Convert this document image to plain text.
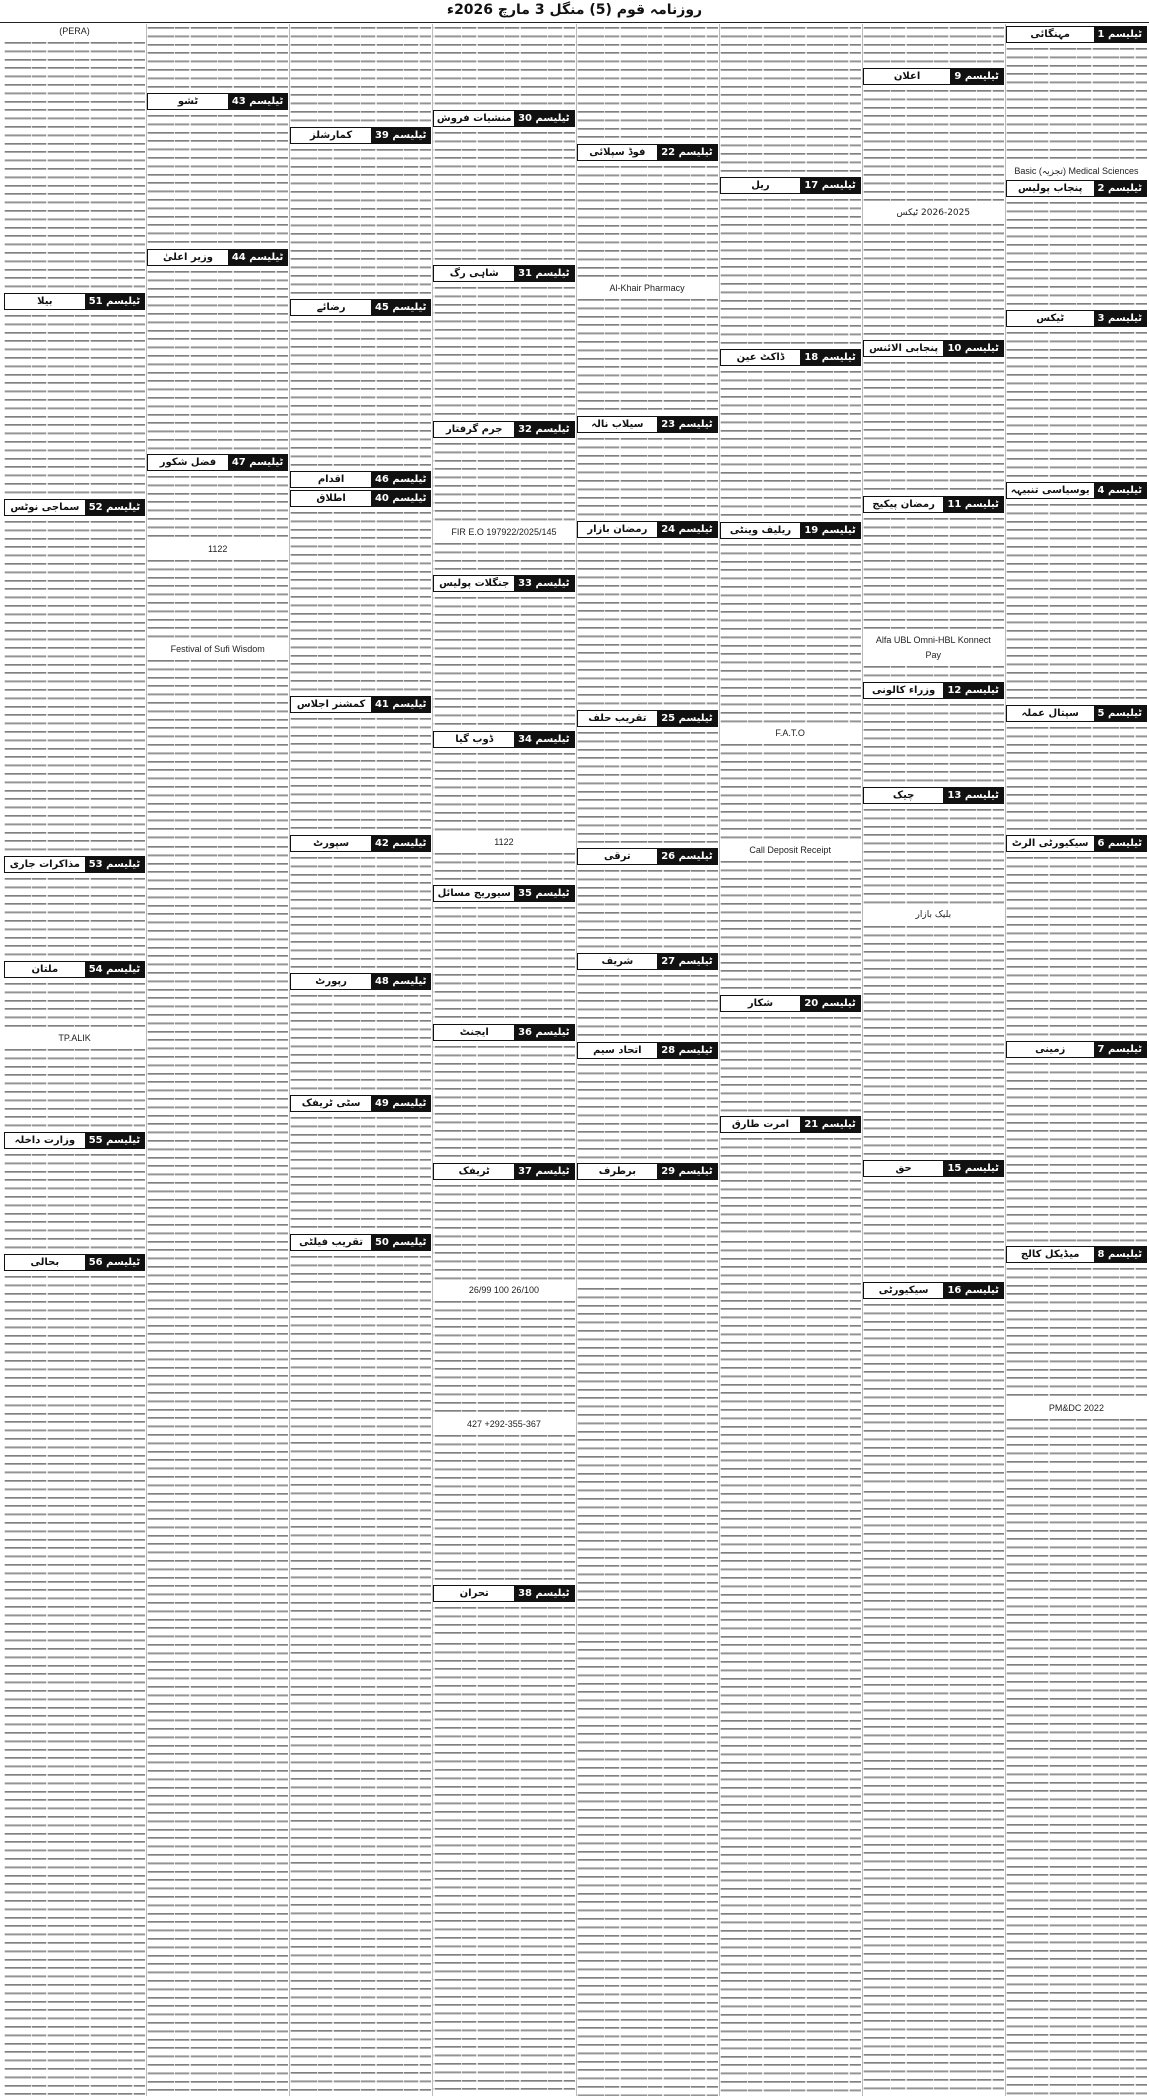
روزنامہ قوم (5) منگل 3 مارچ 2026ء
ٹیلیسم 1
مہنگائی
Basic (تجزیہ) Medical Sciences
ٹیلیسم 2
پنجاب پولیس
ٹیلیسم 3
ٹیکس
ٹیلیسم 4
یوسیاسی تنبیہہ
ٹیلیسم 5
سپتال عملہ
ٹیلیسم 6
سیکیورٹی الرٹ
ٹیلیسم 7
زمینی
ٹیلیسم 8
میڈیکل کالج
PM&DC 2022
ٹیلیسم 9
اعلان
2026-2025 ٹیکس
ٹیلیسم 10
پنجابی الائنس
ٹیلیسم 11
رمضان پیکیج
Alfa UBL Omni-HBL Konnect
Pay
ٹیلیسم 12
وزراء کالونی
ٹیلیسم 13
چیک
بلیک بازار
ٹیلیسم 15
حق
ٹیلیسم 16
سیکیورٹی
ٹیلیسم 17
ریل
ٹیلیسم 18
ڈاکٹ عین
ٹیلیسم 19
ریلیف وینٹی
F.A.T.O
Call Deposit Receipt
ٹیلیسم 20
شکار
ٹیلیسم 21
امرت طارق
ٹیلیسم 22
فوڈ سپلائی
Al-Khair Pharmacy
ٹیلیسم 23
سیلاب نالہ
ٹیلیسم 24
رمضان بازار
ٹیلیسم 25
تقریب حلف
ٹیلیسم 26
ترقی
ٹیلیسم 27
شریف
ٹیلیسم 28
اتحاد سیم
ٹیلیسم 29
برطرف
ٹیلیسم 30
منشیات فروش
ٹیلیسم 31
شاہی رگ
ٹیلیسم 32
جرم گرفتار
FIR E.O 197922/2025/145
ٹیلیسم 33
جنگلات پولیس
ٹیلیسم 34
ڈوب گیا
1122
ٹیلیسم 35
سیوریج مسائل
ٹیلیسم 36
ایجنٹ
ٹیلیسم 37
ٹریفک
26/99 100 26/100
427 +292-355-367
ٹیلیسم 38
تحران
ٹیلیسم 39
کمارشلز
ٹیلیسم 45
رضائے
ٹیلیسم 46
اقدام
ٹیلیسم 40
اطلاق
ٹیلیسم 41
کمشنر اجلاس
ٹیلیسم 42
سپورٹ
ٹیلیسم 48
رپورٹ
ٹیلیسم 49
سٹی ٹریفک
ٹیلیسم 50
تقریب فیلٹی
ٹیلیسم 43
ٹشو
ٹیلیسم 44
وزیر اعلیٰ
ٹیلیسم 47
فضل شکور
1122
Festival of Sufi Wisdom
(PERA)
ٹیلیسم 51
بیلا
ٹیلیسم 52
سماجی نوٹس
ٹیلیسم 53
مذاکرات جاری
ٹیلیسم 54
ملتان
TP.ALIK
ٹیلیسم 55
وزارت داخلہ
ٹیلیسم 56
بحالی
